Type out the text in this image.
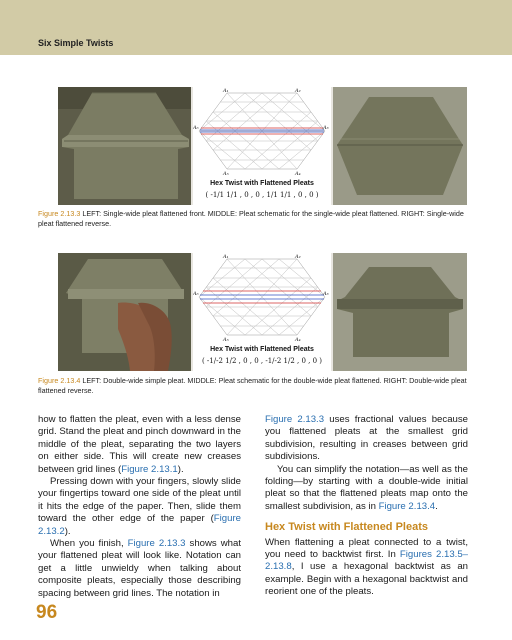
Six Simple Twists
A₁	A₂
A₆	A₃
A₅	A₄
Hex Twist with Flattened Pleats
( -1/1 1/1 , 0 , 0 , 1/1 1/1 , 0 , 0 )
Figure 2.13.3 LEFT: Single-wide pleat flattened front. MIDDLE: Pleat schematic for the single-wide pleat flattened. RIGHT: Single-wide pleat flattened reverse.
A₁	A₂
A₆	A₃
A₅	A₄
Hex Twist with Flattened Pleats
( -1/-2 1/2 , 0 , 0 , -1/-2 1/2 , 0 , 0 )
Figure 2.13.4 LEFT: Double-wide simple pleat. MIDDLE: Pleat schematic for the double-wide pleat flattened. RIGHT: Double-wide pleat flattened reverse.

how to flatten the pleat, even with a less dense grid. Stand the pleat and pinch downward in the middle of the pleat, separating the two layers on either side. This will create new creases between grid lines (Figure 2.13.1).

Pressing down with your fingers, slowly slide your fingertips toward one side of the pleat until it hits the edge of the paper. Then, slide them toward the other edge of the paper (Figure 2.13.2).

When you finish, Figure 2.13.3 shows what your flattened pleat will look like. Notation can get a little unwieldy when talking about composite pleats, especially those describing spacing between grid lines. The notation in

Figure 2.13.3 uses fractional values because you flattened pleats at the smallest grid subdivision, resulting in creases between grid subdivisions.

You can simplify the notation—as well as the folding—by starting with a double-wide initial pleat so that the flattened pleats map onto the smallest subdivision, as in Figure 2.13.4.

Hex Twist with Flattened Pleats

When flattening a pleat connected to a twist, you need to backtwist first. In Figures 2.13.5–2.13.8, I use a hexagonal backtwist as an example. Begin with a hexagonal backtwist and reorient one of the pleats.

96
